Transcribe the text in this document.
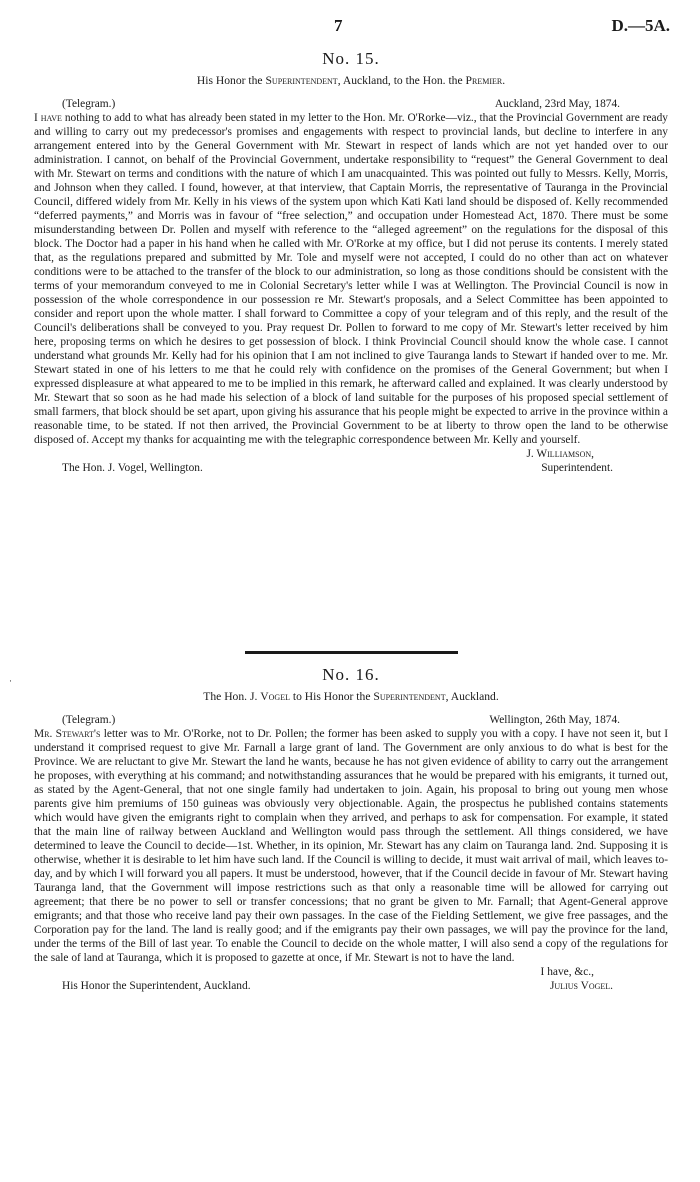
7	D.—5A.
No. 15.
His Honor the Superintendent, Auckland, to the Hon. the Premier.
(Telegram.)	Auckland, 23rd May, 1874.

I have nothing to add to what has already been stated in my letter to the Hon. Mr. O'Rorke—viz., that the Provincial Government are ready and willing to carry out my predecessor's promises and engagements with respect to provincial lands, but decline to interfere in any arrangement entered into by the General Government with Mr. Stewart in respect of lands which are not yet handed over to our administration. I cannot, on behalf of the Provincial Government, undertake responsibility to “request” the General Government to deal with Mr. Stewart on terms and conditions with the nature of which I am unacquainted. This was pointed out fully to Messrs. Kelly, Morris, and Johnson when they called. I found, however, at that interview, that Captain Morris, the representative of Tauranga in the Provincial Council, differed widely from Mr. Kelly in his views of the system upon which Kati Kati land should be disposed of. Kelly recommended “deferred payments,” and Morris was in favour of “free selection,” and occupation under Homestead Act, 1870. There must be some misunderstanding between Dr. Pollen and myself with reference to the “alleged agreement” on the regulations for the disposal of this block. The Doctor had a paper in his hand when he called with Mr. O'Rorke at my office, but I did not peruse its contents. I merely stated that, as the regulations prepared and submitted by Mr. Tole and myself were not accepted, I could do no other than act on whatever conditions were to be attached to the transfer of the block to our administration, so long as those conditions should be consistent with the terms of your memorandum conveyed to me in Colonial Secretary's letter while I was at Wellington. The Provincial Council is now in possession of the whole correspondence in our possession re Mr. Stewart's proposals, and a Select Committee has been appointed to consider and report upon the whole matter. I shall forward to Committee a copy of your telegram and of this reply, and the result of the Council's deliberations shall be conveyed to you. Pray request Dr. Pollen to forward to me copy of Mr. Stewart's letter received by him here, proposing terms on which he desires to get possession of block. I think Provincial Council should know the whole case. I cannot understand what grounds Mr. Kelly had for his opinion that I am not inclined to give Tauranga lands to Stewart if handed over to me. Mr. Stewart stated in one of his letters to me that he could rely with confidence on the promises of the General Government; but when I expressed displeasure at what appeared to me to be implied in this remark, he afterward called and explained. It was clearly understood by Mr. Stewart that so soon as he had made his selection of a block of land suitable for the purposes of his proposed special settlement of small farmers, that block should be set apart, upon giving his assurance that his people might be expected to arrive in the province within a reasonable time, to be stated. If not then arrived, the Provincial Government to be at liberty to throw open the land to be otherwise disposed of. Accept my thanks for acquainting me with the telegraphic correspondence between Mr. Kelly and yourself.

J. Williamson,
The Hon. J. Vogel, Wellington.	Superintendent.
·	No. 16.
The Hon. J. Vogel to His Honor the Superintendent, Auckland.
(Telegram.)	Wellington, 26th May, 1874.

Mr. Stewart's letter was to Mr. O'Rorke, not to Dr. Pollen; the former has been asked to supply you with a copy. I have not seen it, but I understand it comprised request to give Mr. Farnall a large grant of land. The Government are only anxious to do what is best for the Province. We are reluctant to give Mr. Stewart the land he wants, because he has not given evidence of ability to carry out the arrangement he proposes, with everything at his command; and notwithstanding assurances that he would be prepared with his emigrants, it turned out, as stated by the Agent-General, that not one single family had undertaken to join. Again, his proposal to bring out young men whose parents give him premiums of 150 guineas was obviously very objectionable. Again, the prospectus he published contains statements which would have given the emigrants right to complain when they arrived, and perhaps to ask for compensation. For example, it stated that the main line of railway between Auckland and Wellington would pass through the settlement. All things considered, we have determined to leave the Council to decide—1st. Whether, in its opinion, Mr. Stewart has any claim on Tauranga land. 2nd. Supposing it is otherwise, whether it is desirable to let him have such land. If the Council is willing to decide, it must wait arrival of mail, which leaves to-day, and by which I will forward you all papers. It must be understood, however, that if the Council decide in favour of Mr. Stewart having Tauranga land, that the Government will impose restrictions such as that only a reasonable time will be allowed for carrying out agreement; that there be no power to sell or transfer concessions; that no grant be given to Mr. Farnall; that Agent-General approve emigrants; and that those who receive land pay their own passages. In the case of the Fielding Settlement, we give free passages, and the Corporation pay for the land. The land is really good; and if the emigrants pay their own passages, we will pay the province for the land, under the terms of the Bill of last year. To enable the Council to decide on the whole matter, I will also send a copy of the regulations for the sale of land at Tauranga, which it is proposed to gazette at once, if Mr. Stewart is not to have the land.

I have, &c.,
His Honor the Superintendent, Auckland.	Julius Vogel.
